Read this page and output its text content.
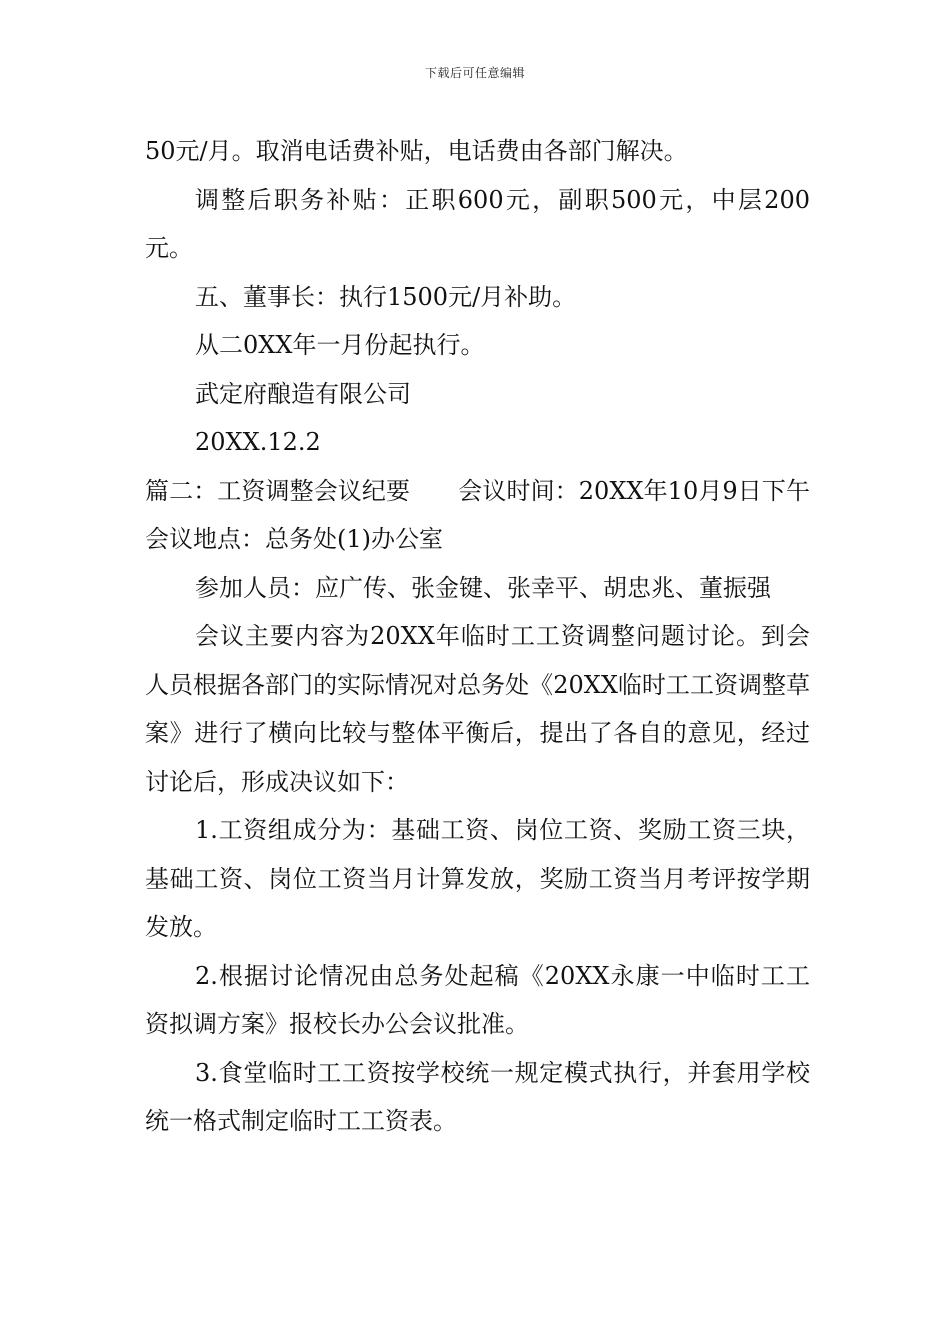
下载后可任意编辑

50元/月。取消电话费补贴，电话费由各部门解决。

调整后职务补贴：正职600元，副职500元，中层200元。

五、董事长：执行1500元/月补助。

从二0XX年一月份起执行。

武定府酿造有限公司

20XX.12.2

篇二：工资调整会议纪要　　会议时间：20XX年10月9日下午会议地点：总务处(1)办公室

参加人员：应广传、张金键、张幸平、胡忠兆、董振强

会议主要内容为20XX年临时工工资调整问题讨论。到会人员根据各部门的实际情况对总务处《20XX临时工工资调整草案》进行了横向比较与整体平衡后，提出了各自的意见，经过讨论后，形成决议如下：

1.工资组成分为：基础工资、岗位工资、奖励工资三块，基础工资、岗位工资当月计算发放，奖励工资当月考评按学期发放。

2.根据讨论情况由总务处起稿《20XX永康一中临时工工资拟调方案》报校长办公会议批准。

3.食堂临时工工资按学校统一规定模式执行，并套用学校统一格式制定临时工工资表。
